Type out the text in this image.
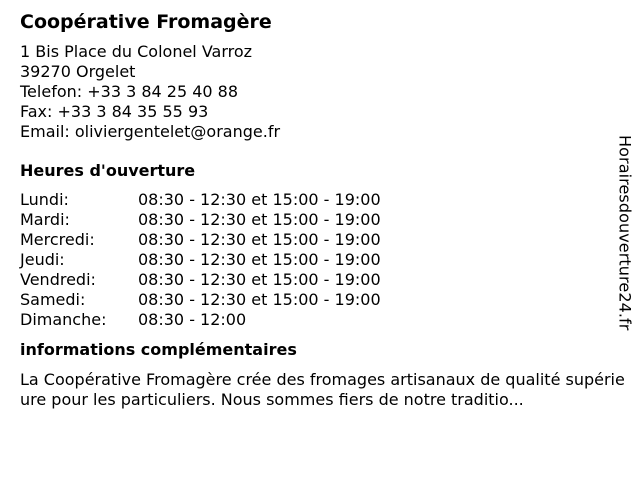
Coopérative Fromagère
1 Bis Place du Colonel Varroz
39270 Orgelet
Telefon: +33 3 84 25 40 88
Fax: +33 3 84 35 55 93
Email: oliviergentelet@orange.fr
Heures d'ouverture
Lundi:	08:30 - 12:30 et 15:00 - 19:00
Mardi:	08:30 - 12:30 et 15:00 - 19:00
Mercredi:	08:30 - 12:30 et 15:00 - 19:00
Jeudi:	08:30 - 12:30 et 15:00 - 19:00
Vendredi:	08:30 - 12:30 et 15:00 - 19:00
Samedi:	08:30 - 12:30 et 15:00 - 19:00
Dimanche:	08:30 - 12:00
informations complémentaires
La Coopérative Fromagère crée des fromages artisanaux de qualité supérieure pour les particuliers. Nous sommes fiers de notre traditio...
Horairesdouverture24.fr
